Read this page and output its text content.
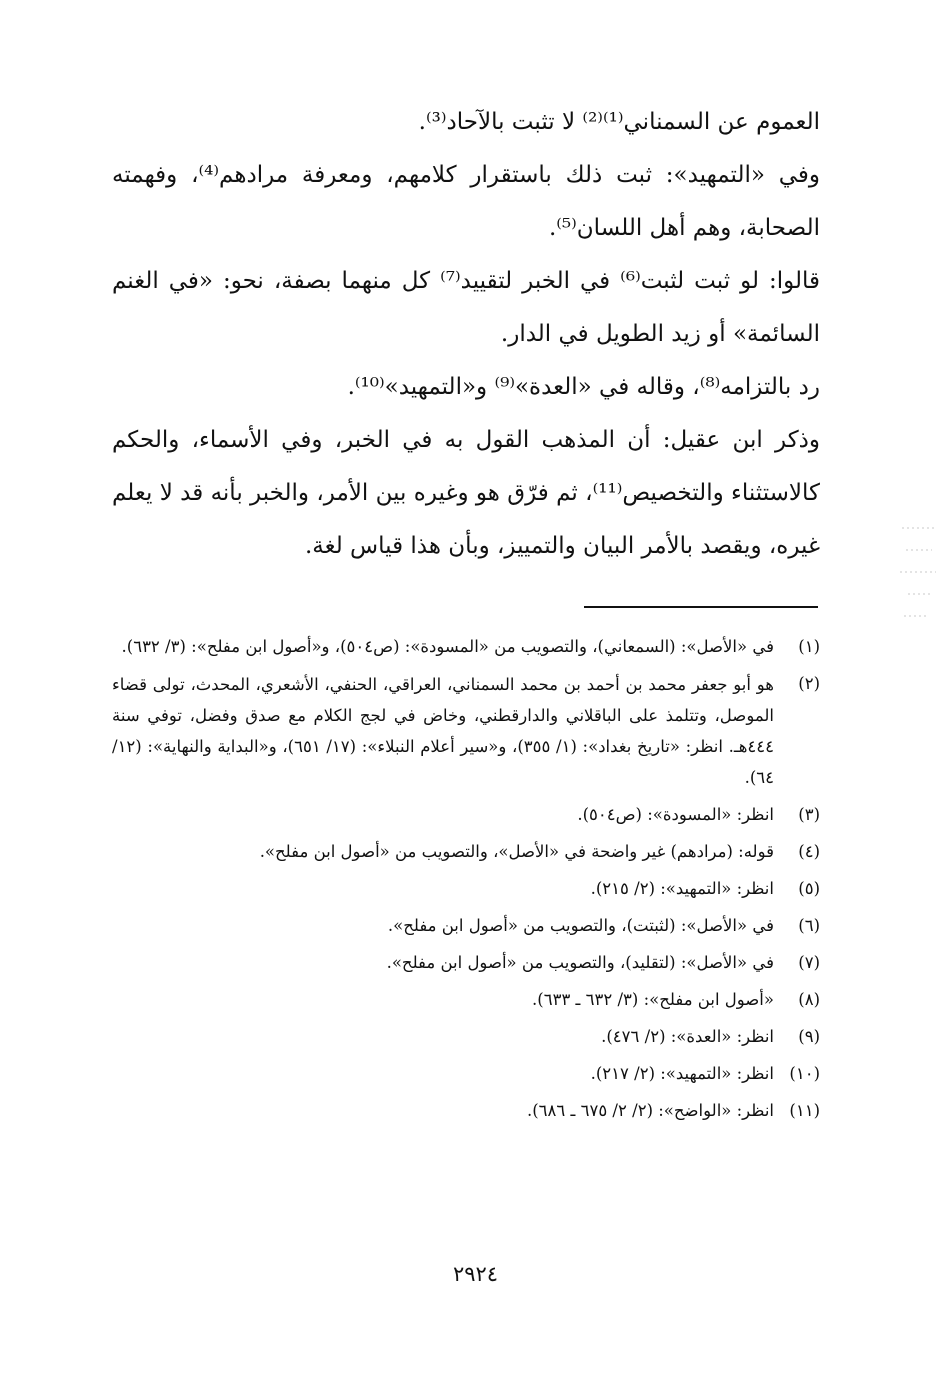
العموم عن السمناني⁽¹⁾⁽²⁾ لا تثبت بالآحاد⁽³⁾.

وفي «التمهيد»: ثبت ذلك باستقرار كلامهم، ومعرفة مرادهم⁽⁴⁾، وفهمته الصحابة، وهم أهل اللسان⁽⁵⁾.

قالوا: لو ثبت لثبت⁽⁶⁾ في الخبر لتقييد⁽⁷⁾ كل منهما بصفة، نحو: «في الغنم السائمة» أو زيد الطويل في الدار.

رد بالتزامه⁽⁸⁾، وقاله في «العدة»⁽⁹⁾ و«التمهيد»⁽¹⁰⁾.

وذكر ابن عقيل: أن المذهب القول به في الخبر، وفي الأسماء، والحكم كالاستثناء والتخصيص⁽¹¹⁾، ثم فرّق هو وغيره بين الأمر، والخبر بأنه قد لا يعلم غيره، ويقصد بالأمر البيان والتمييز، وبأن هذا قياس لغة.

(١)
في «الأصل»: (السمعاني)، والتصويب من «المسودة»: (ص٥٠٤)، و«أصول ابن مفلح»: (٣/ ٦٣٢).
(٢)
هو أبو جعفر محمد بن أحمد بن محمد السمناني، العراقي، الحنفي، الأشعري، المحدث، تولى قضاء الموصل، وتتلمذ على الباقلاني والدارقطني، وخاض في لجج الكلام مع صدق وفضل، توفي سنة ٤٤٤هـ. انظر: «تاريخ بغداد»: (١/ ٣٥٥)، و«سير أعلام النبلاء»: (١٧/ ٦٥١)، و«البداية والنهاية»: (١٢/ ٦٤).
(٣)
انظر: «المسودة»: (ص٥٠٤).
(٤)
قوله: (مرادهم) غير واضحة في «الأصل»، والتصويب من «أصول ابن مفلح».
(٥)
انظر: «التمهيد»: (٢/ ٢١٥).
(٦)
في «الأصل»: (لثبتت)، والتصويب من «أصول ابن مفلح».
(٧)
في «الأصل»: (لتقليد)، والتصويب من «أصول ابن مفلح».
(٨)
«أصول ابن مفلح»: (٣/ ٦٣٢ ـ ٦٣٣).
(٩)
انظر: «العدة»: (٢/ ٤٧٦).
(١٠)
انظر: «التمهيد»: (٢/ ٢١٧).
(١١)
انظر: «الواضح»: (٢/ ٢/ ٦٧٥ ـ ٦٨٦).
٢٩٢٤
